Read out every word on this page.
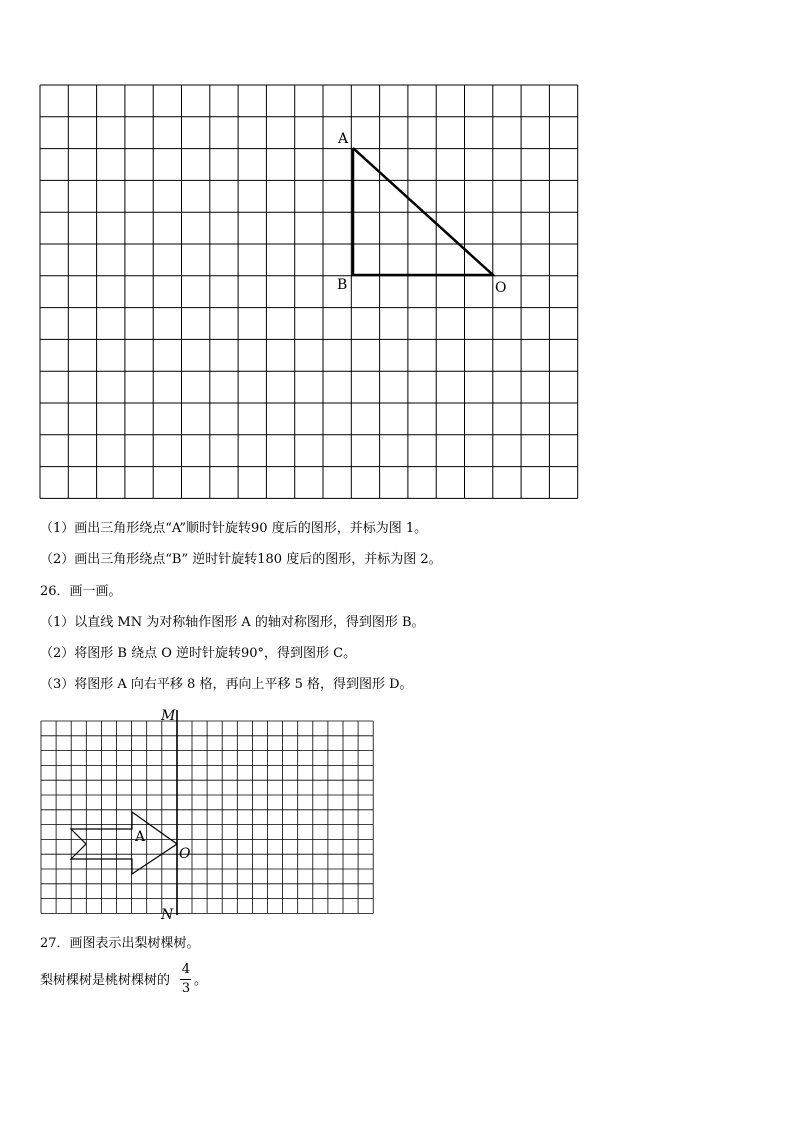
A
B	O
（1）画出三角形绕点“A”顺时针旋转90 度后的图形，并标为图 1。
（2）画出三角形绕点“B” 逆时针旋转180 度后的图形，并标为图 2。
26．画一画。
（1）以直线 MN 为对称轴作图形 A 的轴对称图形，得到图形 B。
（2）将图形 B 绕点 O 逆时针旋转90°，得到图形 C。
（3）将图形 A 向右平移 8 格，再向上平移 5 格，得到图形 D。
M
N
O
A
27．画图表示出梨树棵树。
梨树棵树是桃树棵树的
4
3
。
